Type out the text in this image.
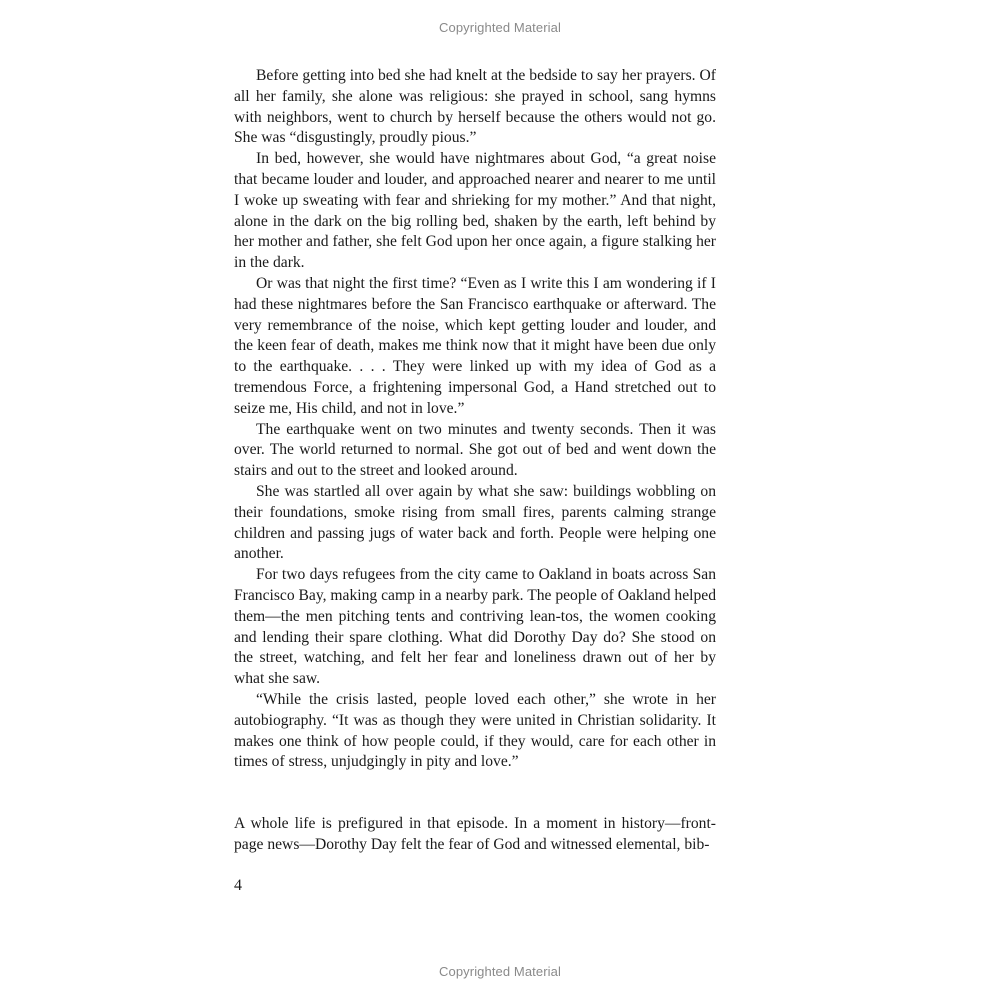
Copyrighted Material

Before getting into bed she had knelt at the bedside to say her prayers. Of all her family, she alone was religious: she prayed in school, sang hymns with neighbors, went to church by herself because the others would not go. She was “disgustingly, proudly pious.”

In bed, however, she would have nightmares about God, “a great noise that became louder and louder, and approached nearer and nearer to me until I woke up sweating with fear and shrieking for my mother.” And that night, alone in the dark on the big rolling bed, shaken by the earth, left behind by her mother and father, she felt God upon her once again, a figure stalking her in the dark.

Or was that night the first time? “Even as I write this I am wondering if I had these nightmares before the San Francisco earthquake or afterward. The very remembrance of the noise, which kept getting louder and louder, and the keen fear of death, makes me think now that it might have been due only to the earthquake. . . . They were linked up with my idea of God as a tremendous Force, a frightening impersonal God, a Hand stretched out to seize me, His child, and not in love.”

The earthquake went on two minutes and twenty seconds. Then it was over. The world returned to normal. She got out of bed and went down the stairs and out to the street and looked around.

She was startled all over again by what she saw: buildings wobbling on their foundations, smoke rising from small fires, parents calming strange children and passing jugs of water back and forth. People were helping one another.

For two days refugees from the city came to Oakland in boats across San Francisco Bay, making camp in a nearby park. The people of Oakland helped them—the men pitching tents and contriving lean-tos, the women cooking and lending their spare clothing. What did Dorothy Day do? She stood on the street, watching, and felt her fear and loneliness drawn out of her by what she saw.

“While the crisis lasted, people loved each other,” she wrote in her autobiography. “It was as though they were united in Christian solidarity. It makes one think of how people could, if they would, care for each other in times of stress, unjudgingly in pity and love.”

A whole life is prefigured in that episode. In a moment in history—front-page news—Dorothy Day felt the fear of God and witnessed elemental, bib-

4
Copyrighted Material
